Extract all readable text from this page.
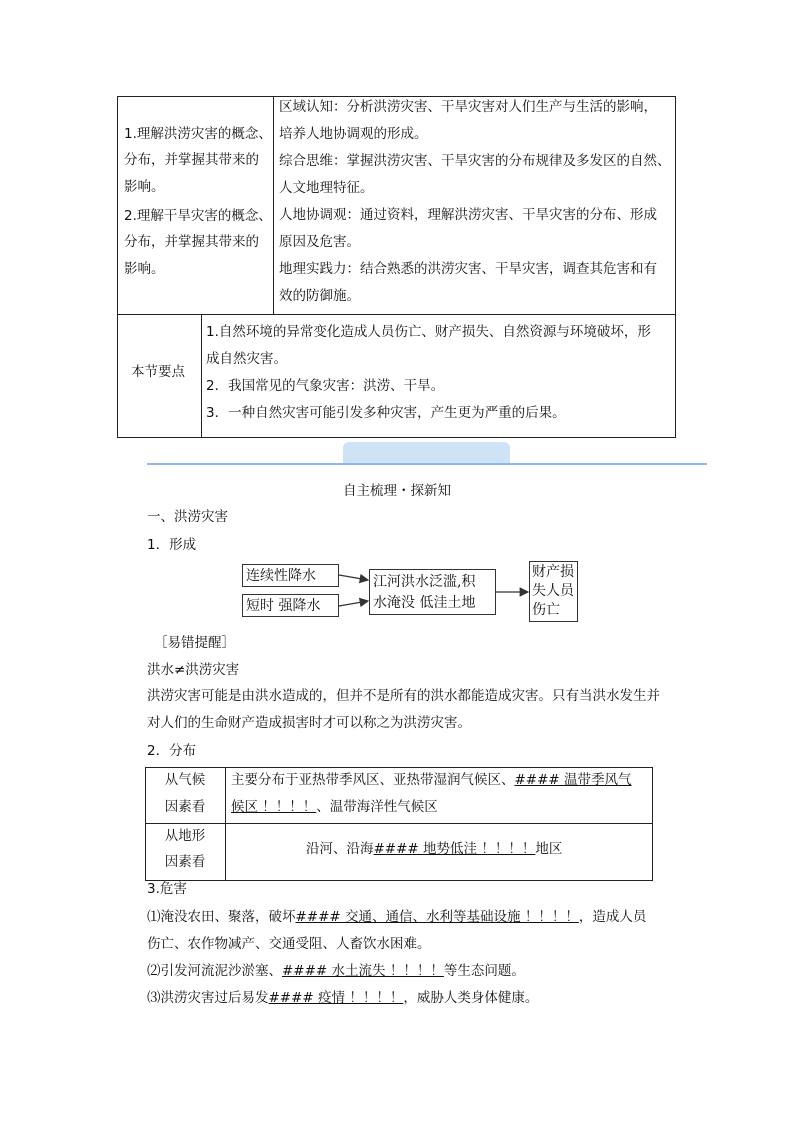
1.理解洪涝灾害的概念、
分布，并掌握其带来的
影响。
2.理解干旱灾害的概念、
分布，并掌握其带来的
影响。
区域认知：分析洪涝灾害、干旱灾害对人们生产与生活的影响，
培养人地协调观的形成。
综合思维：掌握洪涝灾害、干旱灾害的分布规律及多发区的自然、
人文地理特征。
人地协调观：通过资料，理解洪涝灾害、干旱灾害的分布、形成
原因及危害。
地理实践力：结合熟悉的洪涝灾害、干旱灾害，调查其危害和有
效的防御施。
本节要点
1.自然环境的异常变化造成人员伤亡、财产损失、自然资源与环境破坏，形
成自然灾害。
2．我国常见的气象灾害：洪涝、干旱。
3．一种自然灾害可能引发多种灾害，产生更为严重的后果。
自主梳理・探新知
一、洪涝灾害
1．形成
连续性降水
短时 强降水
江河洪水泛滥,积
水淹没 低洼土地
财产损
失人员
伤亡
［易错提醒］
洪水≠洪涝灾害
洪涝灾害可能是由洪水造成的，但并不是所有的洪水都能造成灾害。只有当洪水发生并
对人们的生命财产造成损害时才可以称之为洪涝灾害。
2．分布
从气候
因素看
主要分布于亚热带季风区、亚热带湿润气候区、#### 温带季风气
候区 ！！！！、温带海洋性气候区
从地形
因素看
沿河、沿海#### 地势低洼 ！！！！地区
3.危害
⑴淹没农田、聚落，破坏#### 交通、通信、水利等基础设施 ！！！！，造成人员
伤亡、农作物减产、交通受阻、人畜饮水困难。
⑵引发河流泥沙淤塞、#### 水土流失 ！！！！等生态问题。
⑶洪涝灾害过后易发#### 疫情 ！！！！，威胁人类身体健康。
